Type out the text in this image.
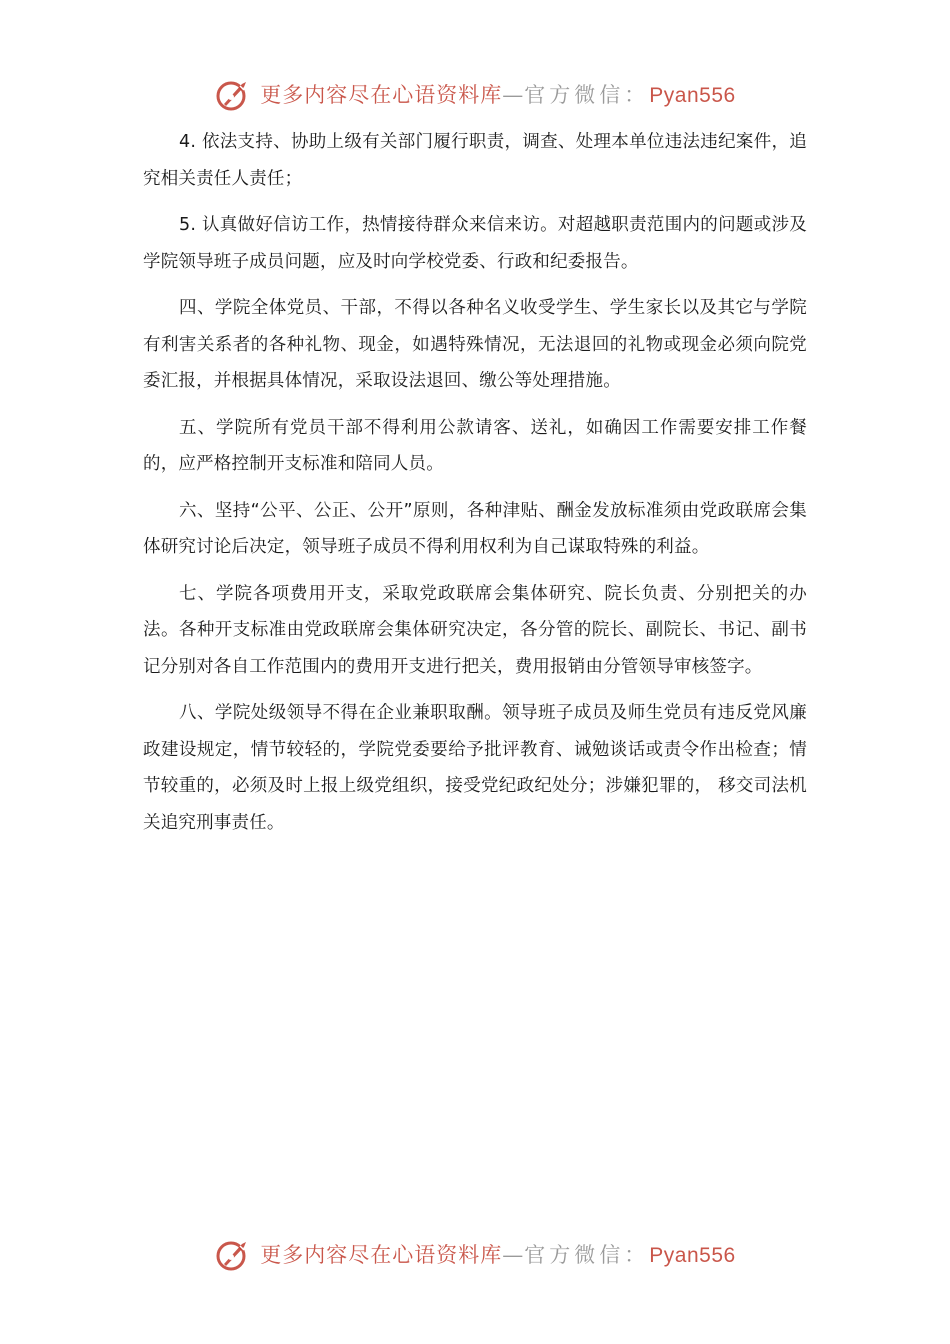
更多内容尽在心语资料库 — 官方微信： Pyan556

4. 依法支持、协助上级有关部门履行职责，调查、处理本单位违法违纪案件，追究相关责任人责任；

5. 认真做好信访工作，热情接待群众来信来访。对超越职责范围内的问题或涉及学院领导班子成员问题，应及时向学校党委、行政和纪委报告。

四、学院全体党员、干部，不得以各种名义收受学生、学生家长以及其它与学院有利害关系者的各种礼物、现金，如遇特殊情况，无法退回的礼物或现金必须向院党委汇报，并根据具体情况，采取设法退回、缴公等处理措施。

五、学院所有党员干部不得利用公款请客、送礼，如确因工作需要安排工作餐的，应严格控制开支标准和陪同人员。

六、坚持“公平、公正、公开”原则，各种津贴、酬金发放标准须由党政联席会集体研究讨论后决定，领导班子成员不得利用权利为自己谋取特殊的利益。

七、学院各项费用开支，采取党政联席会集体研究、院长负责、分别把关的办法。各种开支标准由党政联席会集体研究决定，各分管的院长、副院长、书记、副书记分别对各自工作范围内的费用开支进行把关，费用报销由分管领导审核签字。

八、学院处级领导不得在企业兼职取酬。领导班子成员及师生党员有违反党风廉政建设规定，情节较轻的，学院党委要给予批评教育、诫勉谈话或责令作出检查；情节较重的，必须及时上报上级党组织，接受党纪政纪处分；涉嫌犯罪的， 移交司法机关追究刑事责任。

更多内容尽在心语资料库 — 官方微信： Pyan556
